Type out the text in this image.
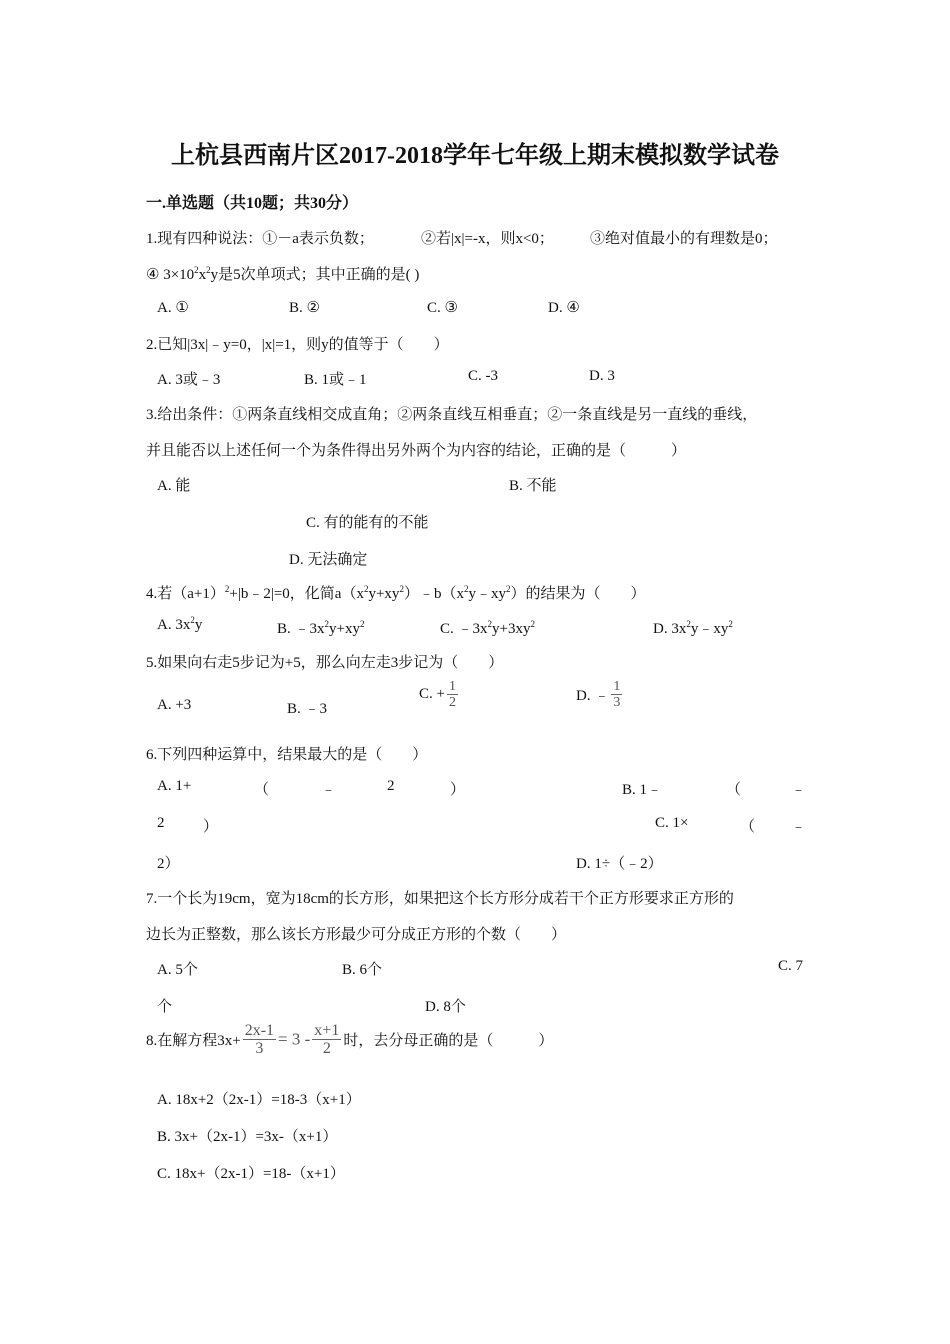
上杭县西南片区2017-2018学年七年级上期末模拟数学试卷
一.单选题（共10题；共30分）
1.现有四种说法：①－a表示负数；	②若|x|=-x，则x<0； ③绝对值最小的有理数是0；
④ $3\times 10^2x^2y$是5次单项式；其中正确的是( )
A. ①	B. ②	C. ③	D. ④
2.已知|3x|﹣y=0，|x|=1，则y的值等于（　　）
A. 3或﹣3	B. 1或﹣1	C. -3	D. 3
3.给出条件：①两条直线相交成直角；②两条直线互相垂直；②一条直线是另一直线的垂线，
并且能否以上述任何一个为条件得出另外两个为内容的结论，正确的是（　　　）
A. 能	B. 不能
C. 有的能有的不能
D. 无法确定
4.若$(a+1)^2+|b﹣2|=0$，化简$a(x^2y+xy^2)﹣b(x^2y﹣xy^2)$的结果为（　　）
A. $3x^2y$	B. $﹣3x^2y+xy^2$	C. $﹣3x^2y+3xy^2$	D. $3x^2y﹣xy^2$
5.如果向右走5步记为+5，那么向左走3步记为（　　）
A. +3	B. ﹣3
C. + $\frac{1}{2}$	D. ﹣ $\frac{1}{3}$
6.下列四种运算中，结果最大的是（　　）
A. 1+	（	﹣	2	）	B. 1﹣	（	﹣
2	）	C. 1×	（ ﹣
2）	D. 1÷（﹣2）
7.一个长为19cm，宽为18cm的长方形，如果把这个长方形分成若干个正方形要求正方形的
边长为正整数，那么该长方形最少可分成正方形的个数（　　）
A. 5个	B. 6个	C. 7
个	D. 8个
8.在解方程$3x+ \frac{2x-1}{3} = 3 - \frac{x+1}{2}$ 时，去分母正确的是（　　　）
A. 18x+2（2x-1）=18-3（x+1）
B. 3x+（2x-1）=3x-（x+1）
C. 18x+（2x-1）=18-（x+1）
